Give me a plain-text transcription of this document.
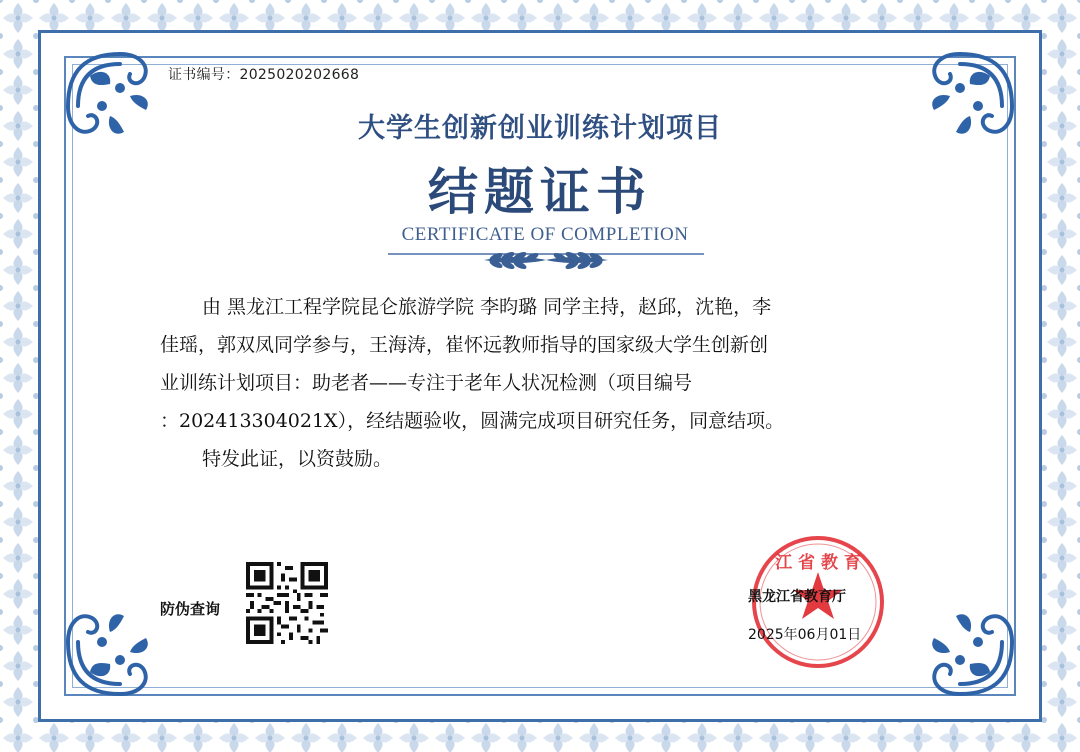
证书编号：2025020202668
大学生创新创业训练计划项目
结题证书
CERTIFICATE OF COMPLETION

由 黑龙江工程学院昆仑旅游学院 李昀璐 同学主持，赵邱，沈艳，李

佳瑶，郭双凤同学参与，王海涛，崔怀远教师指导的国家级大学生创新创

业训练计划项目：助老者——专注于老年人状况检测（项目编号

：202413304021X），经结题验收，圆满完成项目研究任务，同意结项。

特发此证，以资鼓励。

防伪查询
江 省 教 育
黑龙江省教育厅
2025年06月01日
